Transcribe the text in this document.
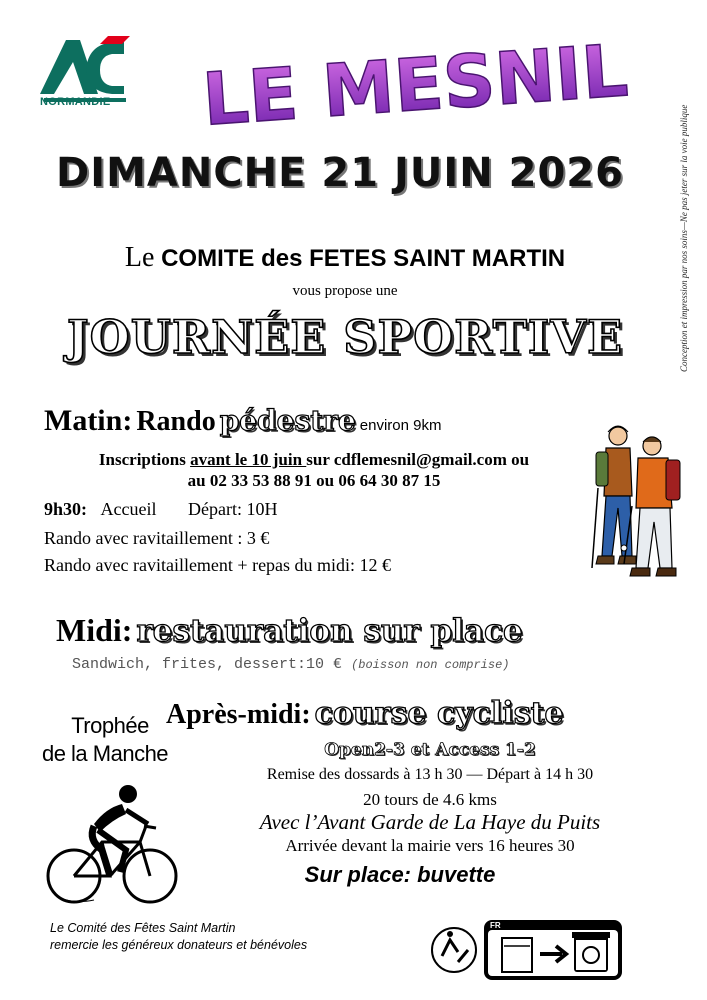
NORMANDIE LE MESNIL
Conception et impression par nos soins—Ne pas jeter sur la voie publique
DIMANCHE 21 JUIN 2026
Le COMITE des FETES SAINT MARTIN
vous propose une
JOURNÉE SPORTIVE
Matin: Rando pédestre environ 9km
Inscriptions avant le 10 juin sur cdflemesnil@gmail.com ou
au 02 33 53 88 91 ou 06 64 30 87 15
9h30: Accueil Départ: 10H
Rando avec ravitaillement : 3 €
Rando avec ravitaillement + repas du midi: 12 €
Midi: restauration sur place
Sandwich, frites, dessert:10 € (boisson non comprise)
Trophée
de la Manche
Après-midi: course cycliste
Open2-3 et Access 1-2
Remise des dossards à 13 h 30 — Départ à 14 h 30
20 tours de 4.6 kms
Avec l’Avant Garde de La Haye du Puits
Arrivée devant la mairie vers 16 heures 30
Sur place: buvette
Le Comité des Fêtes Saint Martin
remercie les généreux donateurs et bénévoles
FR
